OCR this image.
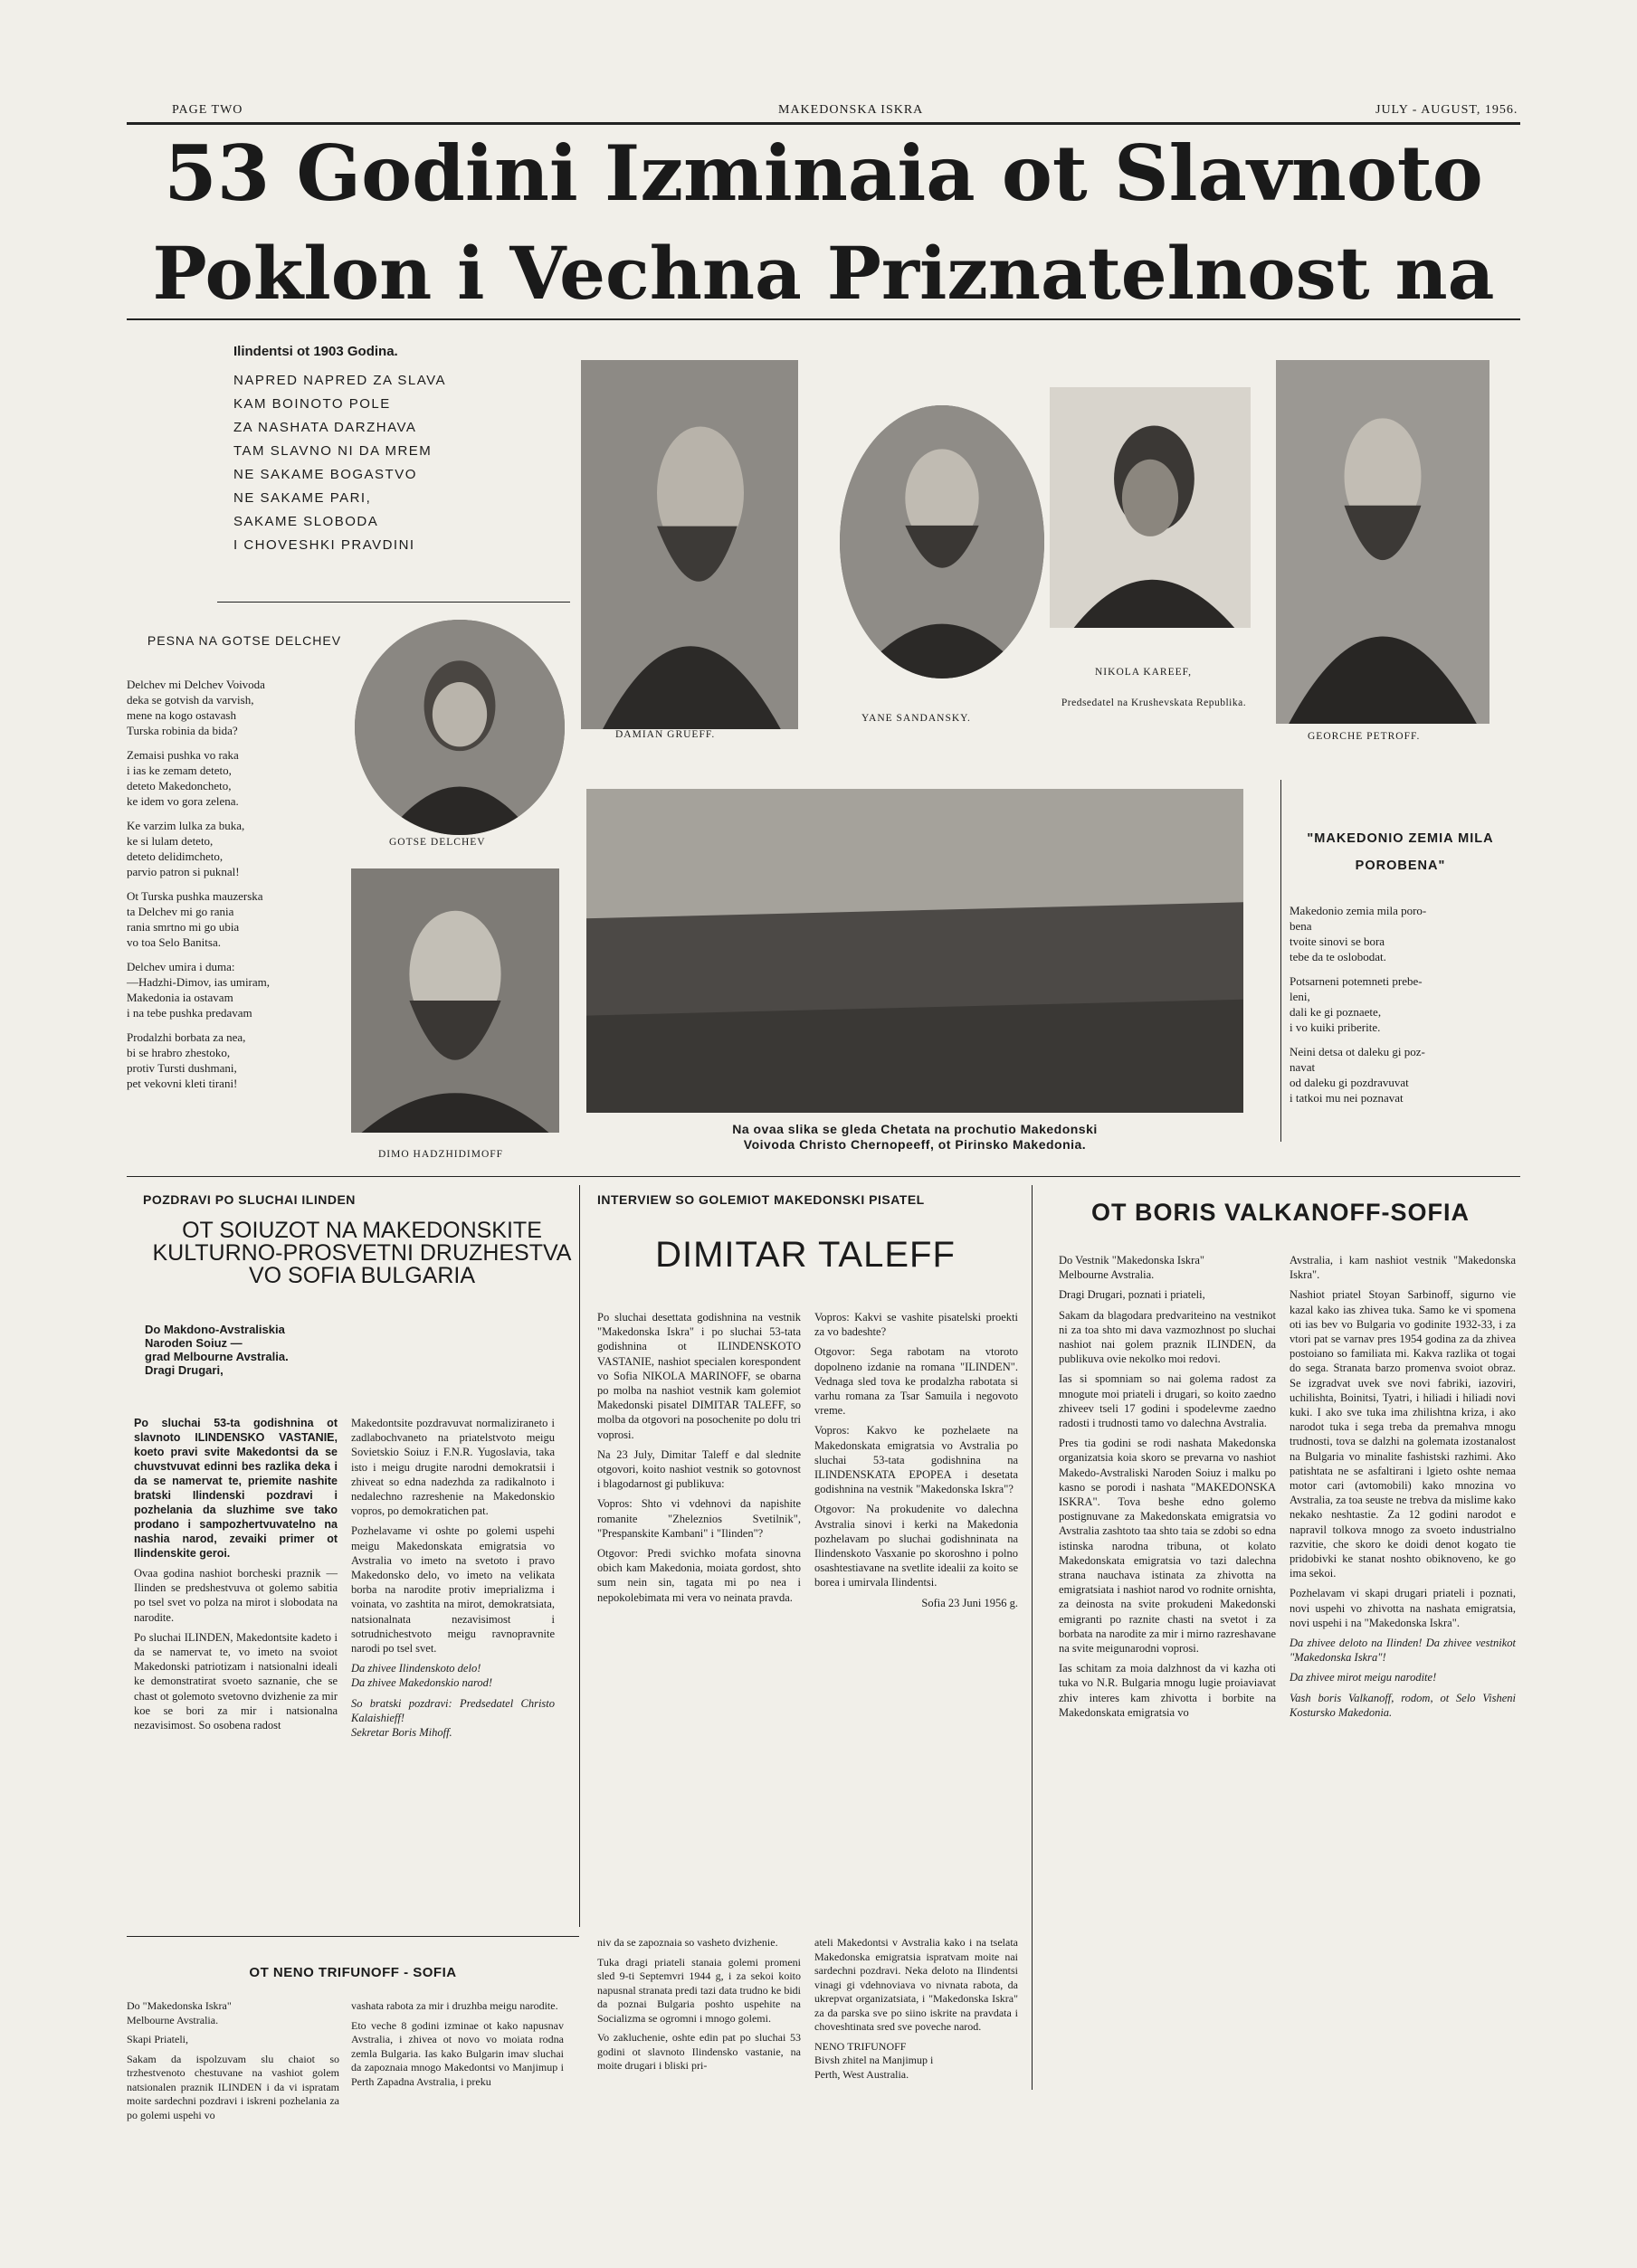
PAGE TWO	MAKEDONSKA ISKRA	JULY - AUGUST, 1956.
53 Godini Izminaia ot Slavnoto
Poklon i Vechna Priznatelnost na
Ilindentsi ot 1903 Godina.
NAPRED NAPRED ZA SLAVA
KAM BOINOTO POLE
ZA NASHATA DARZHAVA
TAM SLAVNO NI DA MREM
NE SAKAME BOGASTVO
NE SAKAME PARI,
SAKAME SLOBODA
I CHOVESHKI PRAVDINI
PESNA NA GOTSE DELCHEV
Delchev mi Delchev Voivoda
deka se gotvish da varvish,
mene na kogo ostavash
Turska robinia da bida?
Zemaisi pushka vo raka
i ias ke zemam deteto,
deteto Makedoncheto,
ke idem vo gora zelena.
Ke varzim lulka za buka,
ke si lulam deteto,
deteto delidimcheto,
parvio patron si puknal!
Ot Turska pushka mauzerska
ta Delchev mi go rania
rania smrtno mi go ubia
vo toa Selo Banitsa.
Delchev umira i duma:
—Hadzhi-Dimov, ias umiram,
Makedonia ia ostavam
i na tebe pushka predavam
Prodalzhi borbata za nea,
bi se hrabro zhestoko,
protiv Tursti dushmani,
pet vekovni kleti tirani!
GOTSE DELCHEV
DIMO HADZHIDIMOFF
DAMIAN GRUEFF.
YANE SANDANSKY.
NIKOLA KAREEF,
Predsedatel na Krushevskata Republika.
GEORCHE PETROFF.
Na ovaa slika se gleda Chetata na prochutio Makedonski
Voivoda Christo Chernopeeff, ot Pirinsko Makedonia.
"MAKEDONIO ZEMIA MILA POROBENA"
Makedonio zemia mila poro-
bena
tvoite sinovi se bora
tebe da te oslobodat.
Potsarneni potemneti prebe-
leni,
dali ke gi poznaete,
i vo kuiki priberite.
Neini detsa ot daleku gi poz-
navat
od daleku gi pozdravuvat
i tatkoi mu nei poznavat
POZDRAVI PO SLUCHAI ILINDEN
OT SOIUZOT NA MAKEDONSKITE KULTURNO-PROSVETNI DRUZHESTVA VO SOFIA BULGARIA
Do Makdono-Avstraliskia
Naroden Soiuz —
grad Melbourne Avstralia.
Dragi Drugari,

Po sluchai 53-ta godishnina ot slavnoto ILINDENSKO VASTANIE, koeto pravi svite Makedontsi da se chuvstvuvat edinni bes razlika deka i da se namervat te, priemite nashite bratski Ilindenski pozdravi i pozhelania da sluzhime sve tako prodano i sampozhertvuvatelno na nashia narod, zevaiki primer ot Ilindenskite geroi.

Ovaa godina nashiot borcheski praznik — Ilinden se predshestvuva ot golemo sabitia po tsel svet vo polza na mirot i slobodata na narodite.

Po sluchai ILINDEN, Makedontsite kadeto i da se namervat te, vo imeto na svoiot Makedonski patriotizam i natsionalni ideali ke demonstratirat svoeto saznanie, che se chast ot golemoto svetovno dvizhenie za mir koe se bori za mir i natsionalna nezavisimost. So osobena radost

Makedontsite pozdravuvat normaliziraneto i zadlabochvaneto na priatelstvoto meigu Sovietskio Soiuz i F.N.R. Yugoslavia, taka isto i meigu drugite narodni demokratsii i zhiveat so edna nadezhda za radikalnoto i nedalechno razreshenie na Makedonskio vopros, po demokratichen pat.

Pozhelavame vi oshte po golemi uspehi meigu Makedonskata emigratsia vo Avstralia vo imeto na svetoto i pravo Makedonsko delo, vo imeto na velikata borba na narodite protiv imeprializma i voinata, vo zashtita na mirot, demokratsiata, natsionalnata nezavisimost i sotrudnichestvoto meigu ravnopravnite narodi po tsel svet.

Da zhivee Ilindenskoto delo!
Da zhivee Makedonskio narod!

So bratski pozdravi: Predsedatel Christo Kalaishieff!
Sekretar Boris Mihoff.

INTERVIEW SO GOLEMIOT MAKEDONSKI PISATEL
DIMITAR TALEFF

Po sluchai desettata godishnina na vestnik "Makedonska Iskra" i po sluchai 53-tata godishnina ot ILINDENSKOTO VASTANIE, nashiot specialen korespondent vo Sofia NIKOLA MARINOFF, se obarna po molba na nashiot vestnik kam golemiot Makedonski pisatel DIMITAR TALEFF, so molba da otgovori na posochenite po dolu tri voprosi.

Na 23 July, Dimitar Taleff e dal slednite otgovori, koito nashiot vestnik so gotovnost i blagodarnost gi publikuva:

Vopros: Shto vi vdehnovi da napishite romanite "Zheleznios Svetilnik", "Prespanskite Kambani" i "Ilinden"?

Otgovor: Predi svichko mofata sinovna obich kam Makedonia, moiata gordost, shto sum nein sin, tagata mi po nea i nepokolebimata mi vera vo neinata pravda.

Vopros: Kakvi se vashite pisatelski proekti za vo badeshte?

Otgovor: Sega rabotam na vtoroto dopolneno izdanie na romana "ILINDEN". Vednaga sled tova ke prodalzha rabotata si varhu romana za Tsar Samuila i negovoto vreme.

Vopros: Kakvo ke pozhelaete na Makedonskata emigratsia vo Avstralia po sluchai 53-tata godishnina na ILINDENSKATA EPOPEA i desetata godishnina na vestnik "Makedonska Iskra"?

Otgovor: Na prokudenite vo dalechna Avstralia sinovi i kerki na Makedonia pozhelavam po sluchai godishninata na Ilindenskoto Vasxanie po skoroshno i polno osashtestiavane na svetlite idealii za koito se borea i umirvala Ilindentsi.

Sofia 23 Juni 1956 g.

OT BORIS VALKANOFF-SOFIA

Do Vestnik "Makedonska Iskra"
Melbourne Avstralia.

Dragi Drugari, poznati i priateli,

Sakam da blagodara predvariteino na vestnikot ni za toa shto mi dava vazmozhnost po sluchai nashiot nai golem praznik ILINDEN, da publikuva ovie nekolko moi redovi.

Ias si spomniam so nai golema radost za mnogute moi priateli i drugari, so koito zaedno zhiveev tseli 17 godini i spodelevme zaedno radosti i trudnosti tamo vo dalechna Avstralia.

Pres tia godini se rodi nashata Makedonska organizatsia koia skoro se prevarna vo nashiot Makedo-Avstraliski Naroden Soiuz i malku po kasno se porodi i nashata "MAKEDONSKA ISKRA". Tova beshe edno golemo postignuvane za Makedonskata emigratsia vo Avstralia zashtoto taa shto taia se zdobi so edna istinska narodna tribuna, ot kolato Makedonskata emigratsia vo tazi dalechna strana nauchava istinata za zhivotta na emigratsiata i nashiot narod vo rodnite ornishta, za deinosta na svite prokudeni Makedonski emigranti po raznite chasti na svetot i za borbata na narodite za mir i mirno razreshavane na svite meigunarodni voprosi.

Ias schitam za moia dalzhnost da vi kazha oti tuka vo N.R. Bulgaria mnogu lugie proiaviavat zhiv interes kam zhivotta i borbite na Makedonskata emigratsia vo

Avstralia, i kam nashiot vestnik "Makedonska Iskra".

Nashiot priatel Stoyan Sarbinoff, sigurno vie kazal kako ias zhivea tuka. Samo ke vi spomena oti ias bev vo Bulgaria vo godinite 1932-33, i za vtori pat se varnav pres 1954 godina za da zhivea postoiano so familiata mi. Kakva razlika ot togai do sega. Stranata barzo promenva svoiot obraz. Se izgradvat uvek sve novi fabriki, iazoviri, uchilishta, Boinitsi, Tyatri, i hiliadi i hiliadi novi kuki. I ako sve tuka ima zhilishtna kriza, i ako narodot tuka i sega treba da premahva mnogu trudnosti, tova se dalzhi na golemata izostanalost na Bulgaria vo minalite fashistski razhimi. Ako patishtata ne se asfaltirani i lgieto oshte nemaa motor cari (avtomobili) kako mnozina vo Avstralia, za toa seuste ne trebva da mislime kako nekako neshtastie. Za 12 godini narodot e napravil tolkova mnogo za svoeto industrialno razvitie, che skoro ke doidi denot kogato tie pridobivki ke stanat noshto obiknoveno, ke go ima sekoi.

Pozhelavam vi skapi drugari priateli i poznati, novi uspehi vo zhivotta na nashata emigratsia, novi uspehi i na "Makedonska Iskra".

Da zhivee deloto na Ilinden! Da zhivee vestnikot "Makedonska Iskra"!

Da zhivee mirot meigu narodite!

Vash boris Valkanoff, rodom, ot Selo Visheni Kostursko Makedonia.

OT NENO TRIFUNOFF - SOFIA

Do "Makedonska Iskra"
Melbourne Avstralia.

Skapi Priateli,

Sakam da ispolzuvam slu chaiot so trzhestvenoto chestuvane na vashiot golem natsionalen praznik ILINDEN i da vi ispratam moite sardechni pozdravi i iskreni pozhelania za po golemi uspehi vo

vashata rabota za mir i druzhba meigu narodite.

Eto veche 8 godini izminae ot kako napusnav Avstralia, i zhivea ot novo vo moiata rodna zemla Bulgaria. Ias kako Bulgarin imav sluchai da zapoznaia mnogo Makedontsi vo Manjimup i Perth Zapadna Avstralia, i preku

niv da se zapoznaia so vasheto dvizhenie.

Tuka dragi priateli stanaia golemi promeni sled 9-ti Septemvri 1944 g, i za sekoi koito napusnal stranata predi tazi data trudno ke bidi da poznai Bulgaria poshto uspehite na Socializma se ogromni i mnogo golemi.

Vo zakluchenie, oshte edin pat po sluchai 53 godini ot slavnoto Ilindensko vastanie, na moite drugari i bliski pri-

ateli Makedontsi v Avstralia kako i na tselata Makedonska emigratsia ispratvam moite nai sardechni pozdravi. Neka deloto na Ilindentsi vinagi gi vdehnoviava vo nivnata rabota, da ukrepvat organizatsiata, i "Makedonska Iskra" za da parska sve po siino iskrite na pravdata i choveshtinata sred sve poveche narod.

NENO TRIFUNOFF
Bivsh zhitel na Manjimup i
Perth, West Australia.
